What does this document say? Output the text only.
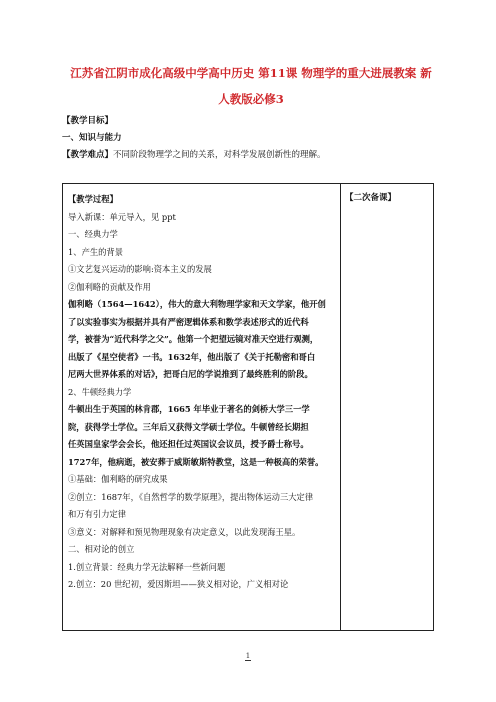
江苏省江阴市成化高级中学高中历史 第11课 物理学的重大进展教案 新
人教版必修3
【教学目标】
一、知识与能力
【教学难点】不同阶段物理学之间的关系，对科学发展创新性的理解。
【教学过程】
导入新课：单元导入，见 ppt
一、经典力学
1、产生的背景
①文艺复兴运动的影响:资本主义的发展
②伽利略的贡献及作用
伽利略（1564—1642），伟大的意大利物理学家和天文学家，他开创
了以实验事实为根据并具有严密逻辑体系和数学表述形式的近代科
学，被誉为“近代科学之父”。他第一个把望远镜对准天空进行观测，
出版了《星空使者》一书。1632年，他出版了《关于托勒密和哥白
尼两大世界体系的对话》，把哥白尼的学说推到了最终胜利的阶段。
2、牛顿经典力学
牛顿出生于英国的林肯郡，1665 年毕业于著名的剑桥大学三一学
院，获得学士学位。三年后又获得文学硕士学位。牛顿曾经长期担
任英国皇家学会会长，他还担任过英国议会议员，授予爵士称号。
1727年，他病逝，被安葬于威斯敏斯特教堂，这是一种极高的荣誉。
①基础：伽利略的研究成果
②创立：1687年，《自然哲学的数学原理》，提出物体运动三大定律
和万有引力定律
③意义：对解释和预见物理现象有决定意义，以此发现海王星。
二、相对论的创立
1.创立背景：经典力学无法解释一些新问题
2.创立：20 世纪初，爱因斯坦——狭义相对论，广义相对论
【二次备课】
1
